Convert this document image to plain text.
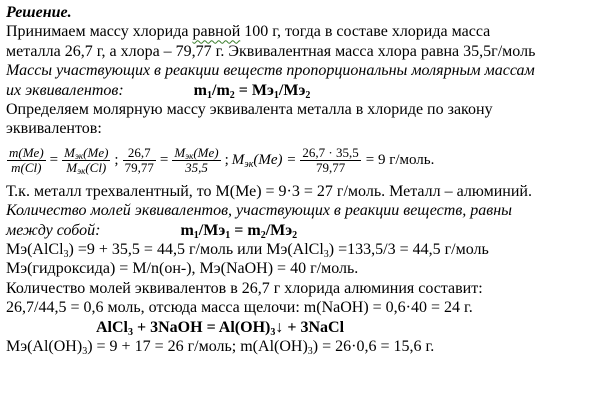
Решение.
Принимаем массу хлорида равной 100 г, тогда в составе хлорида масса
металла 26,7 г, а хлора – 79,77 г. Эквивалентная масса хлора равна 35,5г/моль
Массы участвующих в реакции веществ пропорциональны молярным массам
их эквивалентов:	$m_1/m_2 = Mэ_1/Mэ_2$
Определяем молярную массу эквивалента металла в хлориде по закону
эквивалентов:
$\frac{m(Me)}{m(Cl)} = \frac{M_{эк}(Me)}{M_{эк}(Cl)}$ ; $\frac{26,7}{79,77} = \frac{M_{эк}(Me)}{35,5}$ ; $M_{эк}(Me) = \frac{26,7 \cdot 35,5}{79,77} = 9$ г/моль.
Т.к. металл трехвалентный, то М(Ме) = 9·3 = 27 г/моль. Металл – алюминий.
Количество молей эквивалентов, участвующих в реакции веществ, равны
между собой:	$m_1/Mэ_1 = m_2/Mэ_2$
Mэ(AlCl$_3$) =9 + 35,5 = 44,5 г/моль или Mэ(AlCl$_3$) =133,5/3 = 44,5 г/моль
Mэ(гидроксида) = M/n(он-), Mэ(NaOH) = 40 г/моль.
Количество молей эквивалентов в 26,7 г хлорида алюминия составит:
26,7/44,5 = 0,6 моль, отсюда масса щелочи: m(NaOH) = 0,6·40 = 24 г.
AlCl$_3$ + 3NaOH = $Al(OH)_3↓$ + 3NaCl
$Mэ(Al(OH)_3) = 9 + 17 = 26$ г/моль; $m(Al(OH)_3) = 26\cdot 0,6 = 15,6$ г.
